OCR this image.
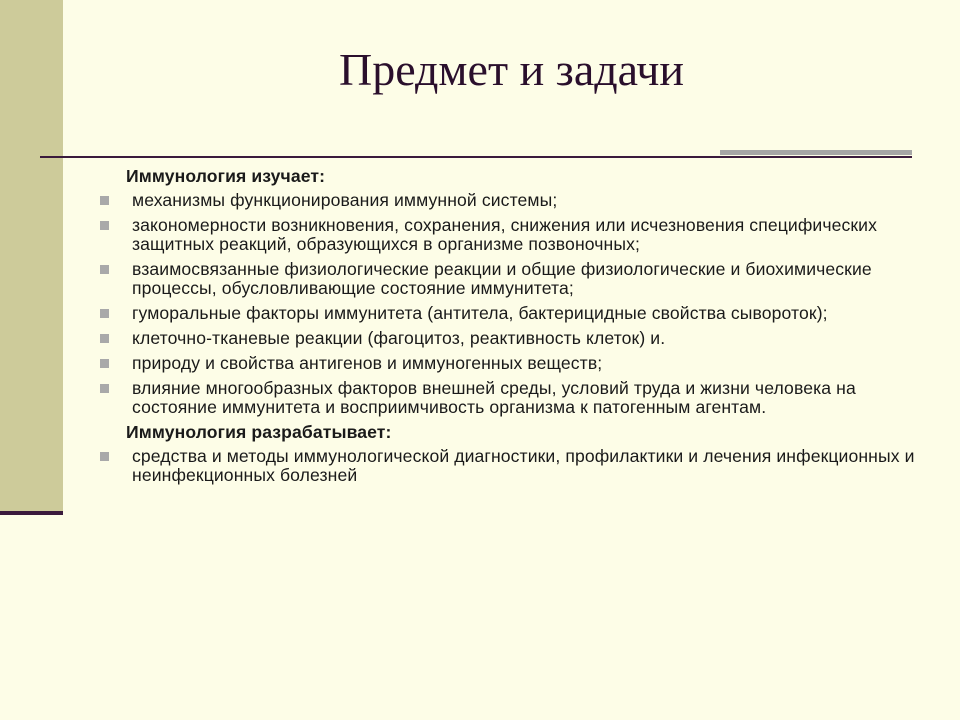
Предмет и задачи
Иммунология изучает:
механизмы функционирования иммунной системы;
закономерности возникновения, сохранения, снижения или исчезновения специфических защитных реакций, образующихся в организме позвоночных;
взаимосвязанные физиологические реакции и общие физиологические и биохимические процессы, обусловливающие состояние иммунитета;
гуморальные факторы иммунитета (антитела, бактерицидные свойства сывороток);
клеточно-тканевые реакции (фагоцитоз, реактивность клеток) и.
природу и свойства антигенов и иммуногенных веществ;
влияние многообразных факторов внешней среды, условий труда и жизни человека на состояние иммунитета и восприимчивость организма к патогенным агентам.
Иммунология разрабатывает:
средства и методы иммунологической диагностики, профилактики и лечения инфекционных и неинфекционных болезней
